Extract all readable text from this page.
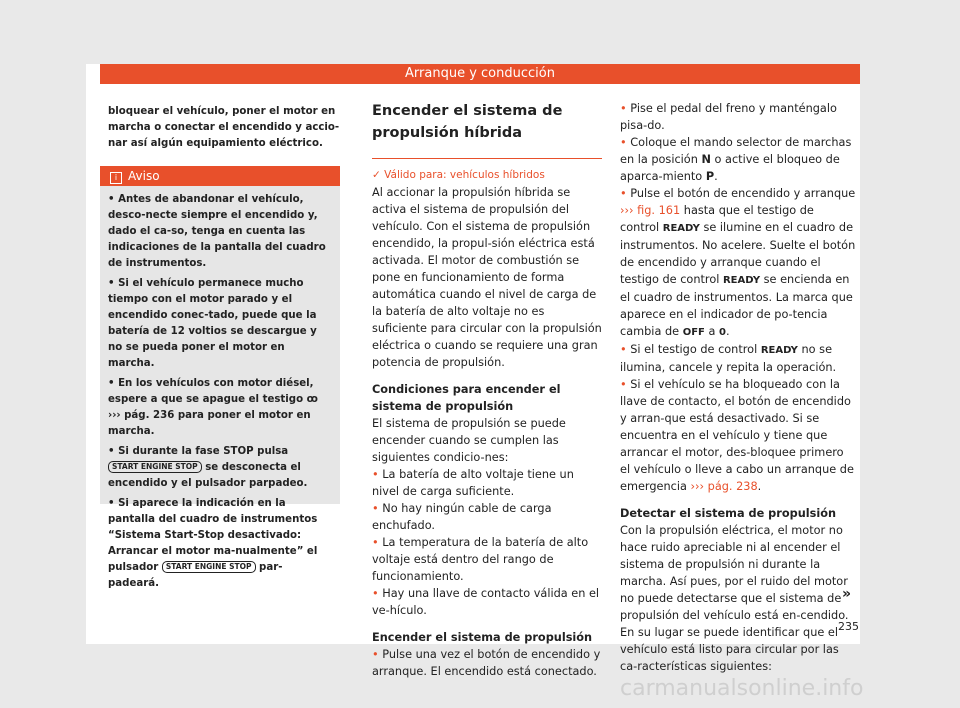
Arranque y conducción

bloquear el vehículo, poner el motor en marcha o conectar el encendido y accio-nar así algún equipamiento eléctrico.

i Aviso
• Antes de abandonar el vehículo, desco-necte siempre el encendido y, dado el ca-so, tenga en cuenta las indicaciones de la pantalla del cuadro de instrumentos.
• Si el vehículo permanece mucho tiempo con el motor parado y el encendido conec-tado, puede que la batería de 12 voltios se descargue y no se pueda poner el motor en marcha.
• En los vehículos con motor diésel, espere a que se apague el testigo ꝏ ››› pág. 236 para poner el motor en marcha.
• Si durante la fase STOP pulsa START ENGINE STOP se desconecta el encendido y el pulsador parpadeo.
• Si aparece la indicación en la pantalla del cuadro de instrumentos “Sistema Start-Stop desactivado: Arrancar el motor ma-nualmente” el pulsador START ENGINE STOP par-padeará.

Encender el sistema de propulsión híbrida

✓ Válido para: vehículos híbridos

Al accionar la propulsión híbrida se activa el sistema de propulsión del vehículo. Con el sistema de propulsión encendido, la propul-sión eléctrica está activada. El motor de combustión se pone en funcionamiento de forma automática cuando el nivel de carga de la batería de alto voltaje no es suficiente para circular con la propulsión eléctrica o cuando se requiere una gran potencia de propulsión.

Condiciones para encender el sistema de propulsión

El sistema de propulsión se puede encender cuando se cumplen las siguientes condicio-nes:

• La batería de alto voltaje tiene un nivel de carga suficiente.

• No hay ningún cable de carga enchufado.

• La temperatura de la batería de alto voltaje está dentro del rango de funcionamiento.

• Hay una llave de contacto válida en el ve-hículo.

Encender el sistema de propulsión

• Pulse una vez el botón de encendido y arranque. El encendido está conectado.

• Pise el pedal del freno y manténgalo pisa-do.

• Coloque el mando selector de marchas en la posición N o active el bloqueo de aparca-miento P.

• Pulse el botón de encendido y arranque ››› fig. 161 hasta que el testigo de control READY se ilumine en el cuadro de instrumentos. No acelere. Suelte el botón de encendido y arranque cuando el testigo de control READY se encienda en el cuadro de instrumentos. La marca que aparece en el indicador de po-tencia cambia de OFF a 0.

• Si el testigo de control READY no se ilumina, cancele y repita la operación.

• Si el vehículo se ha bloqueado con la llave de contacto, el botón de encendido y arran-que está desactivado. Si se encuentra en el vehículo y tiene que arrancar el motor, des-bloquee primero el vehículo o lleve a cabo un arranque de emergencia ››› pág. 238.

Detectar el sistema de propulsión

Con la propulsión eléctrica, el motor no hace ruido apreciable ni al encender el sistema de propulsión ni durante la marcha. Así pues, por el ruido del motor no puede detectarse que el sistema de propulsión del vehículo está en-cendido. En su lugar se puede identificar que el vehículo está listo para circular por las ca-racterísticas siguientes:

»
235
carmanualsonline.info
